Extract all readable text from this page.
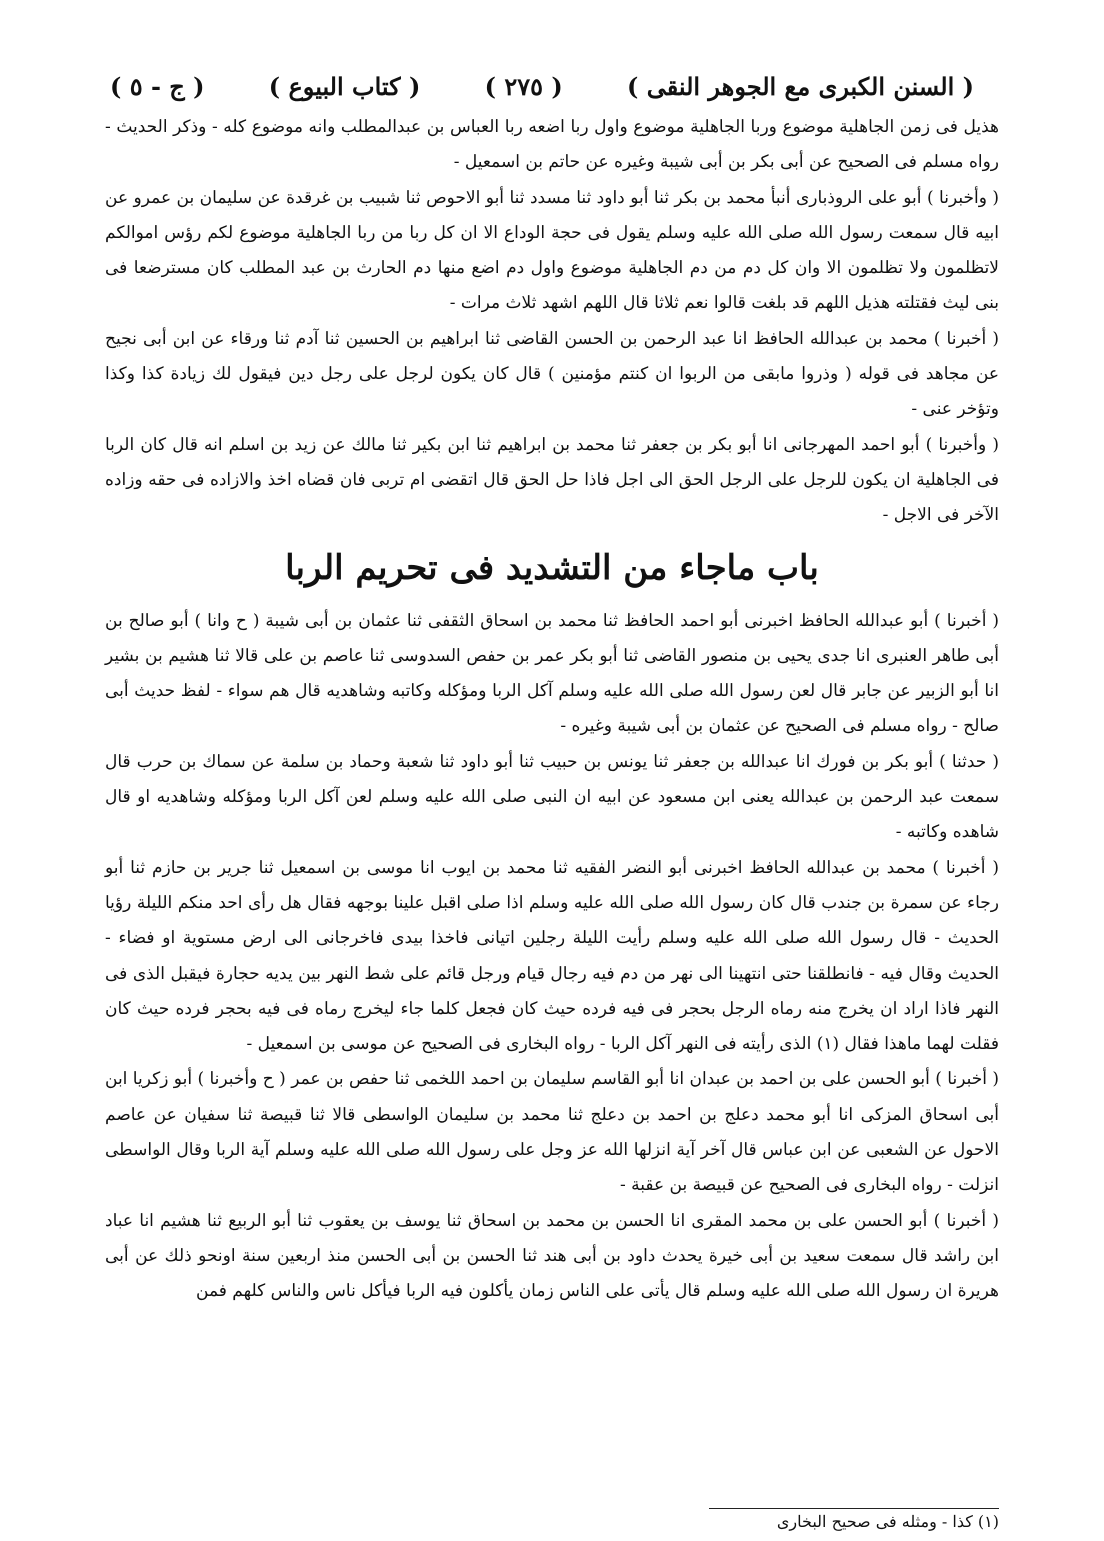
( السنن الكبرى مع الجوهر النقى )
( ٢٧٥ )
( كتاب البيوع )
( ج - ٥ )

هذيل فى زمن الجاهلية موضوع وربا الجاهلية موضوع واول ربا اضعه ربا العباس بن عبدالمطلب وانه موضوع كله - وذكر الحديث - رواه مسلم فى الصحيح عن أبى بكر بن أبى شيبة وغيره عن حاتم بن اسمعيل -

( وأخبرنا ) أبو على الروذبارى أنبأ محمد بن بكر ثنا أبو داود ثنا مسدد ثنا أبو الاحوص ثنا شبيب بن غرقدة عن سليمان بن عمرو عن ابيه قال سمعت رسول الله صلى الله عليه وسلم يقول فى حجة الوداع الا ان كل ربا من ربا الجاهلية موضوع لكم رؤس اموالكم لاتظلمون ولا تظلمون الا وان كل دم من دم الجاهلية موضوع واول دم اضع منها دم الحارث بن عبد المطلب كان مسترضعا فى بنى ليث فقتلته هذيل اللهم قد بلغت قالوا نعم ثلاثا قال اللهم اشهد ثلاث مرات -

( أخبرنا ) محمد بن عبدالله الحافظ انا عبد الرحمن بن الحسن القاضى ثنا ابراهيم بن الحسين ثنا آدم ثنا ورقاء عن ابن أبى نجيح عن مجاهد فى قوله ( وذروا مابقى من الربوا ان كنتم مؤمنين ) قال كان يكون لرجل على رجل دين فيقول لك زيادة كذا وكذا وتؤخر عنى -

( وأخبرنا ) أبو احمد المهرجانى انا أبو بكر بن جعفر ثنا محمد بن ابراهيم ثنا ابن بكير ثنا مالك عن زيد بن اسلم انه قال كان الربا فى الجاهلية ان يكون للرجل على الرجل الحق الى اجل فاذا حل الحق قال اتقضى ام تربى فان قضاه اخذ والازاده فى حقه وزاده الآخر فى الاجل -

باب ماجاء من التشديد فى تحريم الربا

( أخبرنا ) أبو عبدالله الحافظ اخبرنى أبو احمد الحافظ ثنا محمد بن اسحاق الثقفى ثنا عثمان بن أبى شيبة ( ح وانا ) أبو صالح بن أبى طاهر العنبرى انا جدى يحيى بن منصور القاضى ثنا أبو بكر عمر بن حفص السدوسى ثنا عاصم بن على قالا ثنا هشيم بن بشير انا أبو الزبير عن جابر قال لعن رسول الله صلى الله عليه وسلم آكل الربا ومؤكله وكاتبه وشاهديه قال هم سواء - لفظ حديث أبى صالح - رواه مسلم فى الصحيح عن عثمان بن أبى شيبة وغيره -

( حدثنا ) أبو بكر بن فورك انا عبدالله بن جعفر ثنا يونس بن حبيب ثنا أبو داود ثنا شعبة وحماد بن سلمة عن سماك بن حرب قال سمعت عبد الرحمن بن عبدالله يعنى ابن مسعود عن ابيه ان النبى صلى الله عليه وسلم لعن آكل الربا ومؤكله وشاهديه او قال شاهده وكاتبه -

( أخبرنا ) محمد بن عبدالله الحافظ اخبرنى أبو النضر الفقيه ثنا محمد بن ايوب انا موسى بن اسمعيل ثنا جرير بن حازم ثنا أبو رجاء عن سمرة بن جندب قال كان رسول الله صلى الله عليه وسلم اذا صلى اقبل علينا بوجهه فقال هل رأى احد منكم الليلة رؤيا الحديث - قال رسول الله صلى الله عليه وسلم رأيت الليلة رجلين اتيانى فاخذا بيدى فاخرجانى الى ارض مستوية او فضاء - الحديث وقال فيه - فانطلقنا حتى انتهينا الى نهر من دم فيه رجال قيام ورجل قائم على شط النهر بين يديه حجارة فيقبل الذى فى النهر فاذا اراد ان يخرج منه رماه الرجل بحجر فى فيه فرده حيث كان فجعل كلما جاء ليخرج رماه فى فيه بحجر فرده حيث كان فقلت لهما ماهذا فقال (١) الذى رأيته فى النهر آكل الربا - رواه البخارى فى الصحيح عن موسى بن اسمعيل -

( أخبرنا ) أبو الحسن على بن احمد بن عبدان انا أبو القاسم سليمان بن احمد اللخمى ثنا حفص بن عمر ( ح وأخبرنا ) أبو زكريا ابن أبى اسحاق المزكى انا أبو محمد دعلج بن احمد بن دعلج ثنا محمد بن سليمان الواسطى قالا ثنا قبيصة ثنا سفيان عن عاصم الاحول عن الشعبى عن ابن عباس قال آخر آية انزلها الله عز وجل على رسول الله صلى الله عليه وسلم آية الربا وقال الواسطى انزلت - رواه البخارى فى الصحيح عن قبيصة بن عقبة -

( أخبرنا ) أبو الحسن على بن محمد المقرى انا الحسن بن محمد بن اسحاق ثنا يوسف بن يعقوب ثنا أبو الربيع ثنا هشيم انا عباد ابن راشد قال سمعت سعيد بن أبى خيرة يحدث داود بن أبى هند ثنا الحسن بن أبى الحسن منذ اربعين سنة اونحو ذلك عن أبى هريرة ان رسول الله صلى الله عليه وسلم قال يأتى على الناس زمان يأكلون فيه الربا فيأكل ناس والناس كلهم فمن

(١) كذا - ومثله فى صحيح البخارى
